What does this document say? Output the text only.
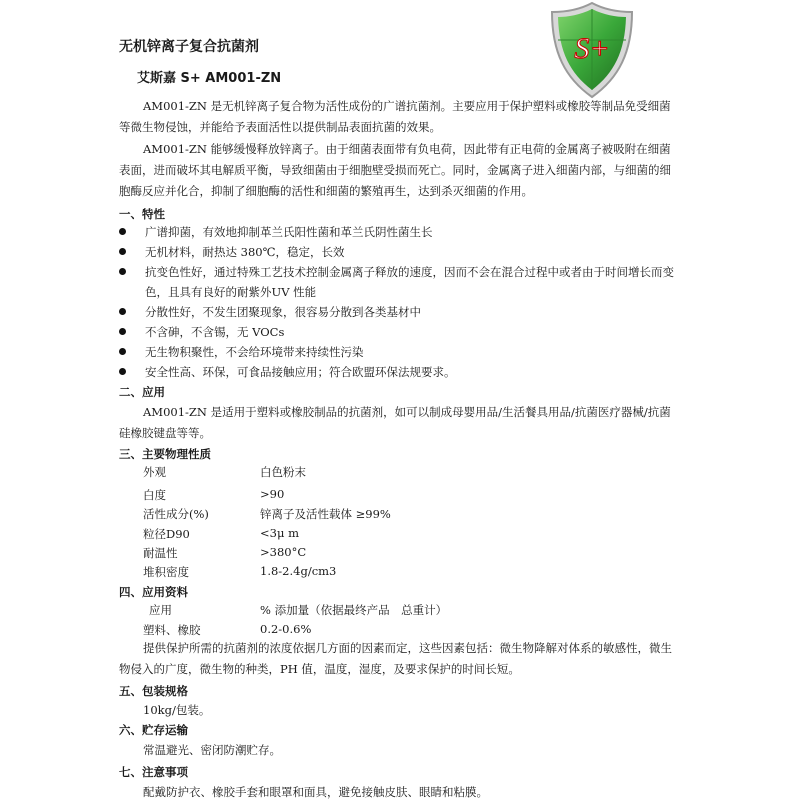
无机锌离子复合抗菌剂
艾斯嘉 S+ AM001-ZN
S+
AM001-ZN 是无机锌离子复合物为活性成份的广谱抗菌剂。主要应用于保护塑料或橡胶等制品免受细菌等微生物侵蚀，并能给予表面活性以提供制品表面抗菌的效果。
AM001-ZN 能够缓慢释放锌离子。由于细菌表面带有负电荷，因此带有正电荷的金属离子被吸附在细菌表面，进而破坏其电解质平衡，导致细菌由于细胞壁受损而死亡。同时，金属离子进入细菌内部，与细菌的细胞酶反应并化合，抑制了细胞酶的活性和细菌的繁殖再生，达到杀灭细菌的作用。
一、特性
广谱抑菌，有效地抑制革兰氏阳性菌和革兰氏阴性菌生长
无机材料，耐热达 380℃，稳定，长效
抗变色性好，通过特殊工艺技术控制金属离子释放的速度，因而不会在混合过程中或者由于时间增长而变色，且具有良好的耐紫外UV 性能
分散性好，不发生团聚现象，很容易分散到各类基材中
不含砷，不含锡，无 VOCs
无生物积聚性，不会给环境带来持续性污染
安全性高、环保，可食品接触应用；符合欧盟环保法规要求。
二、应用
AM001-ZN 是适用于塑料或橡胶制品的抗菌剂，如可以制成母婴用品/生活餐具用品/抗菌医疗器械/抗菌硅橡胶键盘等等。
三、主要物理性质
外观	白色粉末
白度	>90
活性成分(%)	锌离子及活性载体 ≥99%
粒径D90	<3μ m
耐温性	>380°C
堆积密度	1.8-2.4g/cm3
四、应用资料
应用	% 添加量（依据最终产品　总重计）
塑料、橡胶	0.2-0.6%
提供保护所需的抗菌剂的浓度依据几方面的因素而定，这些因素包括：微生物降解对体系的敏感性，微生物侵入的广度，微生物的种类，PH 值，温度，湿度，及要求保护的时间长短。
五、包装规格
10kg/包装。
六、贮存运输
常温避光、密闭防潮贮存。
七、注意事项
配戴防护衣、橡胶手套和眼罩和面具，避免接触皮肤、眼睛和粘膜。
